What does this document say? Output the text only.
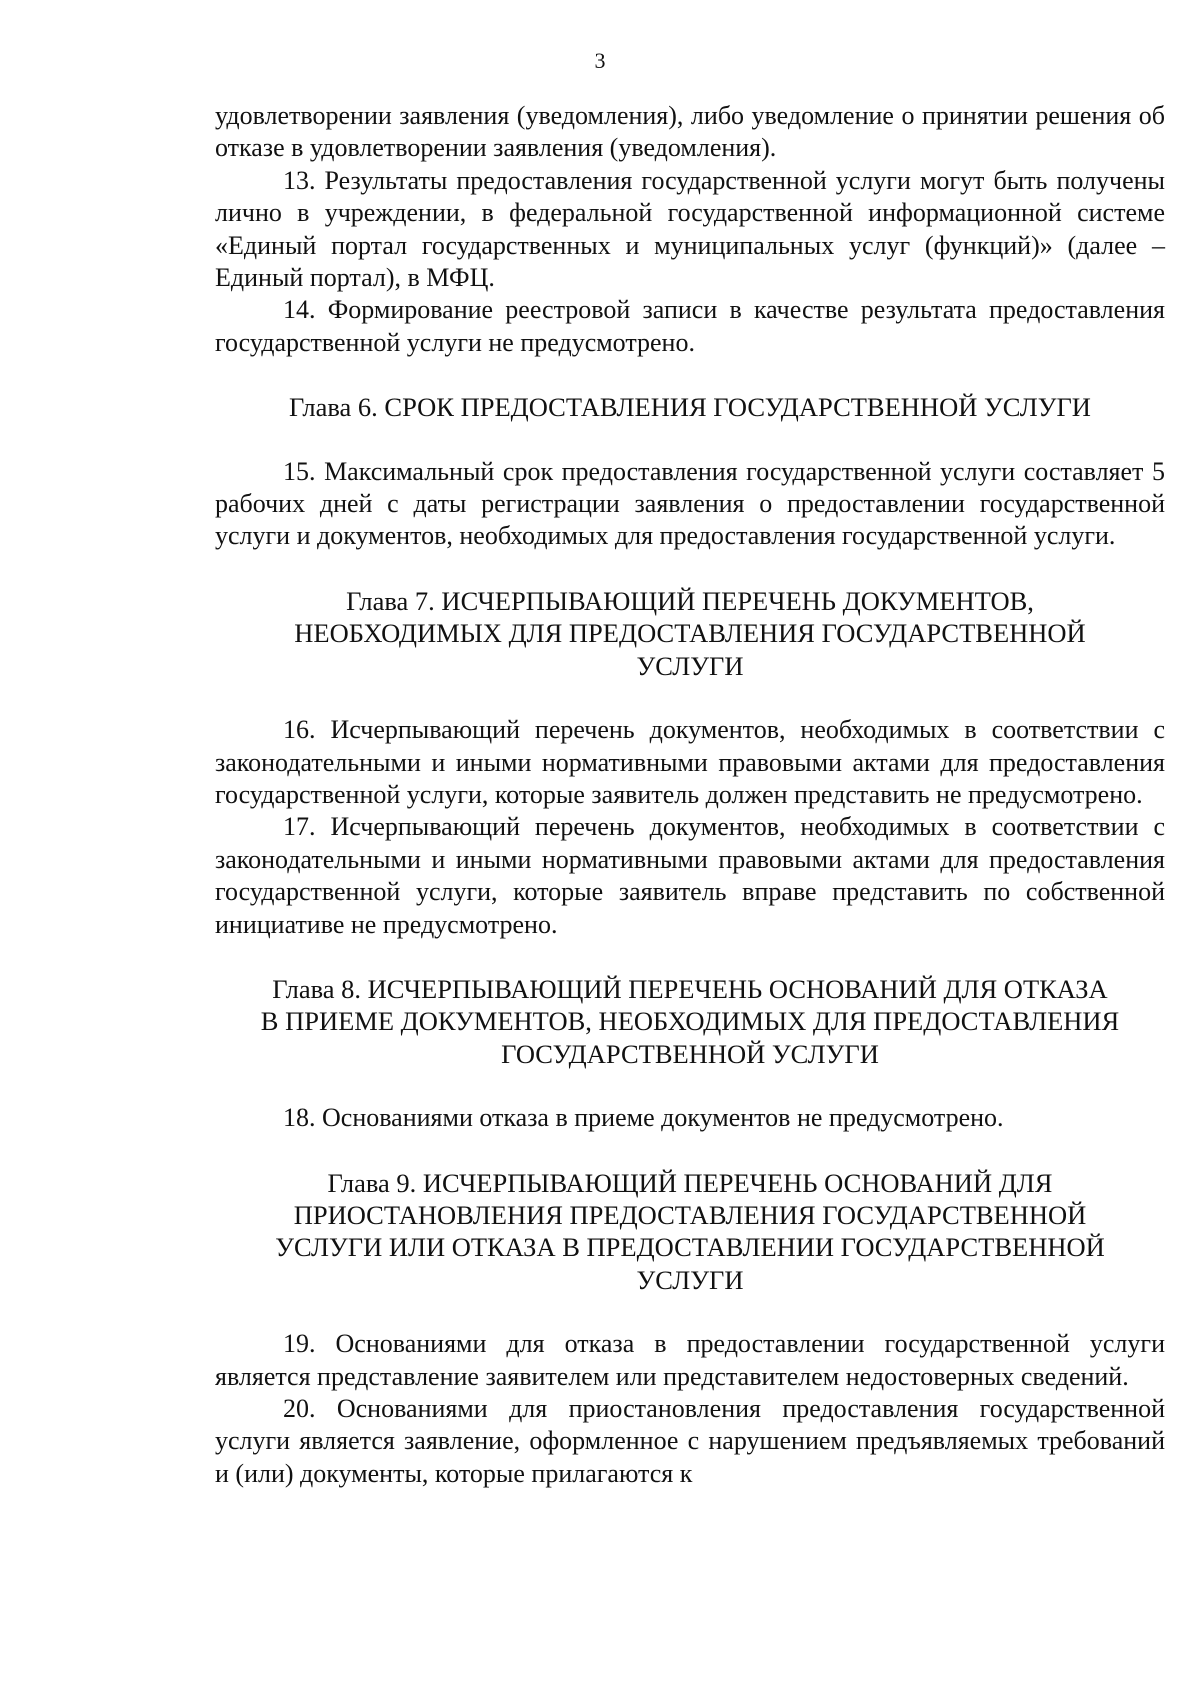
3

удовлетворении заявления (уведомления), либо уведомление о принятии решения об отказе в удовлетворении заявления (уведомления).

13. Результаты предоставления государственной услуги могут быть получены лично в учреждении, в федеральной государственной информационной системе «Единый портал государственных и муниципальных услуг (функций)» (далее – Единый портал), в МФЦ.

14. Формирование реестровой записи в качестве результата предоставления государственной услуги не предусмотрено.

Глава 6. СРОК ПРЕДОСТАВЛЕНИЯ ГОСУДАРСТВЕННОЙ УСЛУГИ

15. Максимальный срок предоставления государственной услуги составляет 5 рабочих дней с даты регистрации заявления о предоставлении государственной услуги и документов, необходимых для предоставления государственной услуги.

Глава 7. ИСЧЕРПЫВАЮЩИЙ ПЕРЕЧЕНЬ ДОКУМЕНТОВ,
НЕОБХОДИМЫХ ДЛЯ ПРЕДОСТАВЛЕНИЯ ГОСУДАРСТВЕННОЙ
УСЛУГИ

16. Исчерпывающий перечень документов, необходимых в соответствии с законодательными и иными нормативными правовыми актами для предоставления государственной услуги, которые заявитель должен представить не предусмотрено.

17. Исчерпывающий перечень документов, необходимых в соответствии с законодательными и иными нормативными правовыми актами для предоставления государственной услуги, которые заявитель вправе представить по собственной инициативе не предусмотрено.

Глава 8. ИСЧЕРПЫВАЮЩИЙ ПЕРЕЧЕНЬ ОСНОВАНИЙ ДЛЯ ОТКАЗА
В ПРИЕМЕ ДОКУМЕНТОВ, НЕОБХОДИМЫХ ДЛЯ ПРЕДОСТАВЛЕНИЯ
ГОСУДАРСТВЕННОЙ УСЛУГИ

18. Основаниями отказа в приеме документов не предусмотрено.

Глава 9. ИСЧЕРПЫВАЮЩИЙ ПЕРЕЧЕНЬ ОСНОВАНИЙ ДЛЯ
ПРИОСТАНОВЛЕНИЯ ПРЕДОСТАВЛЕНИЯ ГОСУДАРСТВЕННОЙ
УСЛУГИ ИЛИ ОТКАЗА В ПРЕДОСТАВЛЕНИИ ГОСУДАРСТВЕННОЙ
УСЛУГИ

19. Основаниями для отказа в предоставлении государственной услуги является представление заявителем или представителем недостоверных сведений.

20. Основаниями для приостановления предоставления государственной услуги является заявление, оформленное с нарушением предъявляемых требований и (или) документы, которые прилагаются к
